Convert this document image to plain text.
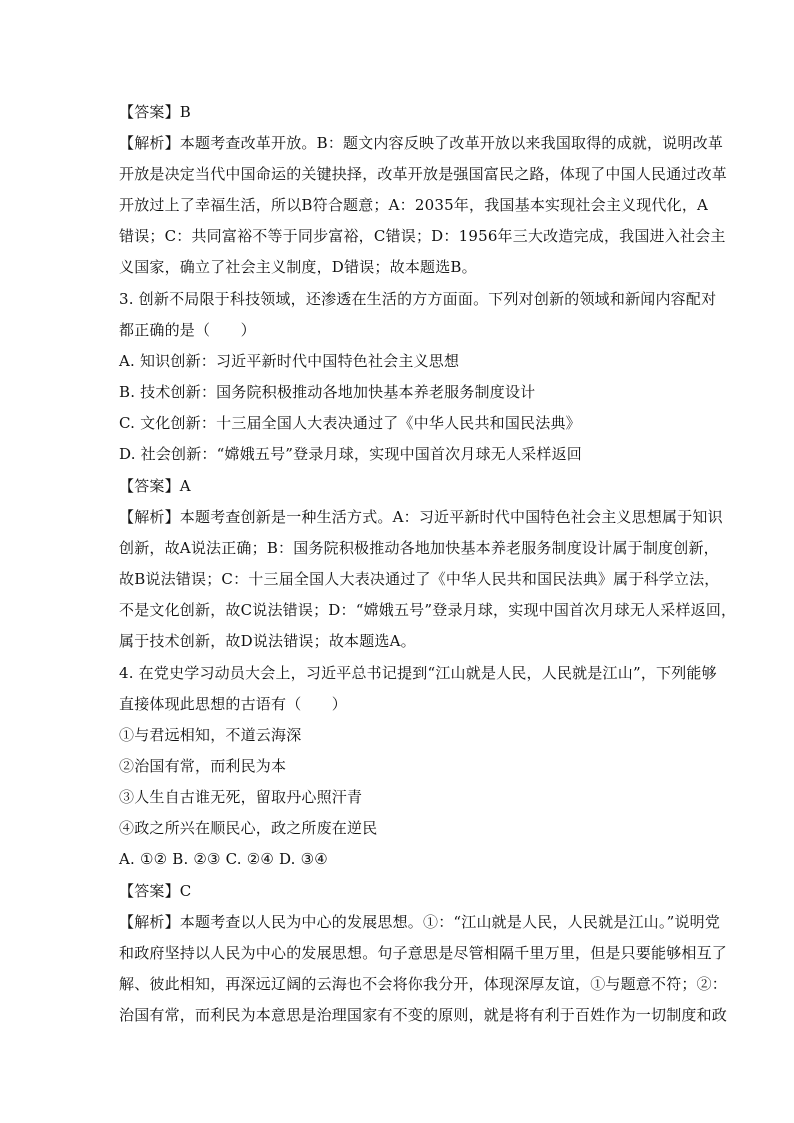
【答案】B
【解析】本题考查改革开放。B：题文内容反映了改革开放以来我国取得的成就，说明改革
开放是决定当代中国命运的关键抉择，改革开放是强国富民之路，体现了中国人民通过改革
开放过上了幸福生活，所以B符合题意；A：2035年，我国基本实现社会主义现代化，A
错误；C：共同富裕不等于同步富裕，C错误；D：1956年三大改造完成，我国进入社会主
义国家，确立了社会主义制度，D错误；故本题选B。
3. 创新不局限于科技领域，还渗透在生活的方方面面。下列对创新的领域和新闻内容配对
都正确的是（　　）
A. 知识创新：习近平新时代中国特色社会主义思想
B. 技术创新：国务院积极推动各地加快基本养老服务制度设计
C. 文化创新：十三届全国人大表决通过了《中华人民共和国民法典》
D. 社会创新：“嫦娥五号”登录月球，实现中国首次月球无人采样返回
【答案】A
【解析】本题考查创新是一种生活方式。A：习近平新时代中国特色社会主义思想属于知识
创新，故A说法正确；B：国务院积极推动各地加快基本养老服务制度设计属于制度创新，
故B说法错误；C：十三届全国人大表决通过了《中华人民共和国民法典》属于科学立法，
不是文化创新，故C说法错误；D：“嫦娥五号”登录月球，实现中国首次月球无人采样返回，
属于技术创新，故D说法错误；故本题选A。
4. 在党史学习动员大会上，习近平总书记提到“江山就是人民，人民就是江山”，下列能够
直接体现此思想的古语有（　　）
①与君远相知，不道云海深
②治国有常，而利民为本
③人生自古谁无死，留取丹心照汗青
④政之所兴在顺民心，政之所废在逆民
A. ①② B. ②③ C. ②④ D. ③④
【答案】C
【解析】本题考查以人民为中心的发展思想。①：“江山就是人民，人民就是江山。”说明党
和政府坚持以人民为中心的发展思想。句子意思是尽管相隔千里万里，但是只要能够相互了
解、彼此相知，再深远辽阔的云海也不会将你我分开，体现深厚友谊，①与题意不符；②：
治国有常，而利民为本意思是治理国家有不变的原则，就是将有利于百姓作为一切制度和政
